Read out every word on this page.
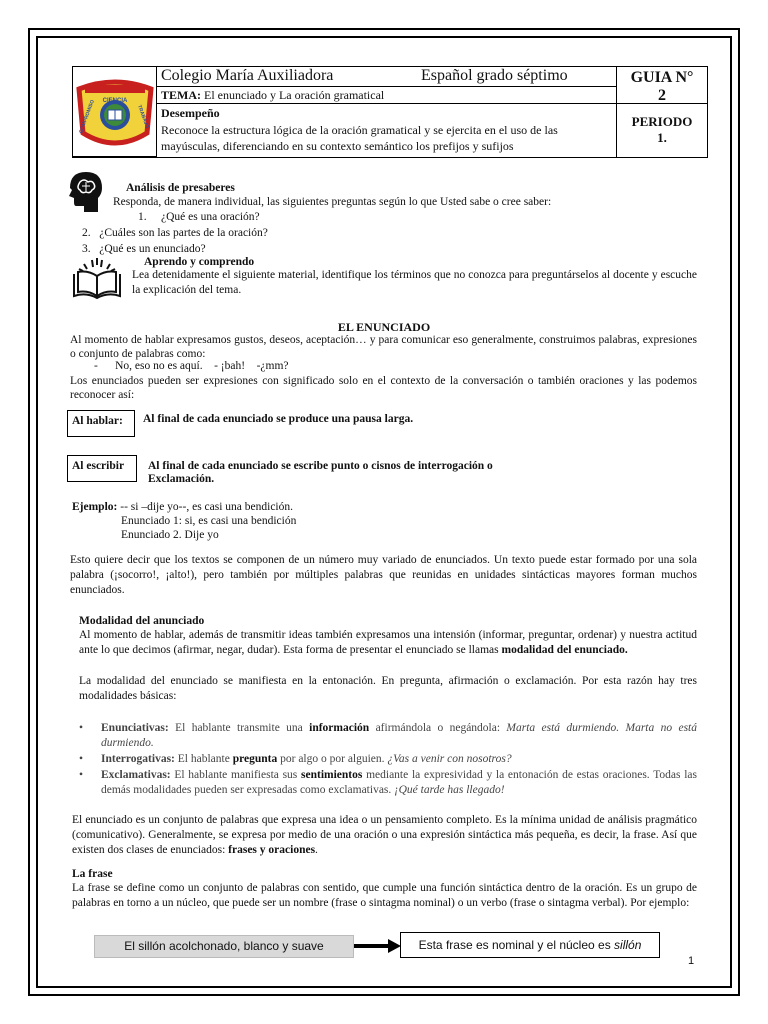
CIENCIA
COMPROMISO	TRABAJO
Colegio María Auxiliadora	Español grado séptimo
TEMA: El enunciado y La oración gramatical
Desempeño
Reconoce la estructura lógica de la oración gramatical y se ejercita en el uso de las mayúsculas, diferenciando en su contexto semántico los prefijos y sufijos
GUIA N°
2
PERIODO
1.
Análisis de presaberes
Responda, de manera individual, las siguientes preguntas según lo que Usted sabe o cree saber:
1. ¿Qué es una oración?
2. ¿Cuáles son las partes de la oración?
3. ¿Qué es un enunciado?
Aprendo y comprendo
Lea detenidamente el siguiente material, identifique los términos que no conozca para preguntárselos al docente y escuche la explicación del tema.
EL ENUNCIADO
Al momento de hablar expresamos gustos, deseos, aceptación… y para comunicar eso generalmente, construimos palabras, expresiones o conjunto de palabras como:
-      No, eso no es aquí.    - ¡bah!    -¿mm?
Los enunciados pueden ser expresiones con significado solo en el contexto de la conversación o también oraciones y las podemos reconocer así:
Al hablar: Al final de cada enunciado se produce una pausa larga.
Al escribir Al final de cada enunciado se escribe punto o cisnos de interrogación o
Exclamación.
Ejemplo: -- si –dije yo--, es casi una bendición.
Enunciado 1: si, es casi una bendición
Enunciado 2. Dije yo
Esto quiere decir que los textos se componen de un número muy variado de enunciados. Un texto puede estar formado por una sola palabra (¡socorro!, ¡alto!), pero también por múltiples palabras que reunidas en unidades sintácticas mayores forman muchos enunciados.
Modalidad del anunciado
Al momento de hablar, además de transmitir ideas también expresamos una intensión (informar, preguntar, ordenar) y nuestra actitud ante lo que decimos (afirmar, negar, dudar). Esta forma de presentar el enunciado se llamas modalidad del enunciado.
La modalidad del enunciado se manifiesta en la entonación. En pregunta, afirmación o exclamación. Por esta razón hay tres modalidades básicas:
Enunciativas: El hablante transmite una información afirmándola o negándola: Marta está durmiendo. Marta no está durmiendo.
Interrogativas: El hablante pregunta por algo o por alguien. ¿Vas a venir con nosotros?
Exclamativas: El hablante manifiesta sus sentimientos mediante la expresividad y la entonación de estas oraciones. Todas las demás modalidades pueden ser expresadas como exclamativas. ¡Qué tarde has llegado!
El enunciado es un conjunto de palabras que expresa una idea o un pensamiento completo. Es la mínima unidad de análisis pragmático (comunicativo). Generalmente, se expresa por medio de una oración o una expresión sintáctica más pequeña, es decir, la frase. Así que existen dos clases de enunciados: frases y oraciones.
La frase
La frase se define como un conjunto de palabras con sentido, que cumple una función sintáctica dentro de la oración. Es un grupo de palabras en torno a un núcleo, que puede ser un nombre (frase o sintagma nominal) o un verbo (frase o sintagma verbal). Por ejemplo:
El sillón acolchonado, blanco y suave	Esta frase es nominal y el núcleo es sillón
1
